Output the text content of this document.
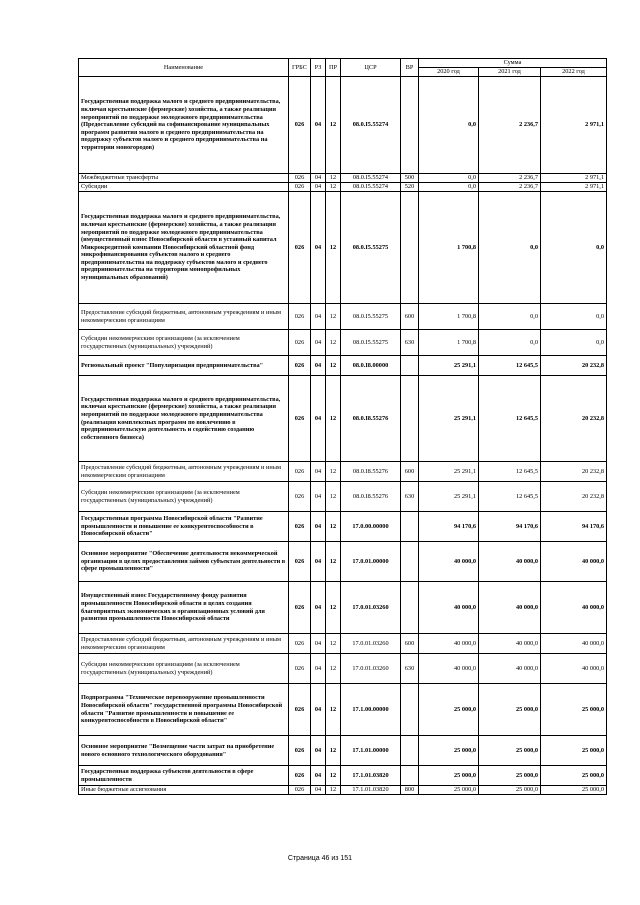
Наименование	ГРБС	РЗ	ПР	ЦСР	ВР	Сумма		
						2020 год	2021 год	2022 год
Государственная поддержка малого и среднего предпринимательства, включая крестьянские (фермерские) хозяйства, а также реализация мероприятий по поддержке молодежного предпринимательства (Предоставление субсидий на софинансирование муниципальных программ развития малого и среднего предпринимательства на поддержку субъектов малого и среднего предпринимательства на территории моногородов)	026	04	12	08.0.I5.55274		0,0	2 236,7	2 971,1
Межбюджетные трансферты	026	04	12	08.0.I5.55274	500	0,0	2 236,7	2 971,1
Субсидии	026	04	12	08.0.I5.55274	520	0,0	2 236,7	2 971,1
Государственная поддержка малого и среднего предпринимательства, включая крестьянские (фермерские) хозяйства, а также реализация мероприятий по поддержке молодежного предпринимательства (имущественный взнос Новосибирской области в уставный капитал Микрокредитной компании Новосибирский областной фонд микрофинансирования субъектов малого и среднего предпринимательства на поддержку субъектов малого и среднего предпринимательства на территории монопрофильных муниципальных образований)	026	04	12	08.0.I5.55275		1 700,8	0,0	0,0
Предоставление субсидий бюджетным, автономным учреждениям и иным некоммерческим организациям	026	04	12	08.0.I5.55275	600	1 700,8	0,0	0,0
Субсидии некоммерческим организациям (за исключением государственных (муниципальных) учреждений)	026	04	12	08.0.I5.55275	630	1 700,8	0,0	0,0
Региональный проект "Популяризация предпринимательства"	026	04	12	08.0.I8.00000		25 291,1	12 645,5	20 232,8
Государственная поддержка малого и среднего предпринимательства, включая крестьянские (фермерские) хозяйства, а также реализация мероприятий по поддержке молодежного предпринимательства (реализация комплексных программ по вовлечению в предпринимательскую деятельность и содействию созданию собственного бизнеса)	026	04	12	08.0.I8.55276		25 291,1	12 645,5	20 232,8
Предоставление субсидий бюджетным, автономным учреждениям и иным некоммерческим организациям	026	04	12	08.0.I8.55276	600	25 291,1	12 645,5	20 232,8
Субсидии некоммерческим организациям (за исключением государственных (муниципальных) учреждений)	026	04	12	08.0.I8.55276	630	25 291,1	12 645,5	20 232,8
Государственная программа Новосибирской области "Развитие промышленности и повышение ее конкурентоспособности в Новосибирской области"	026	04	12	17.0.00.00000		94 170,6	94 170,6	94 170,6
Основное мероприятие "Обеспечение деятельности некоммерческой организации в целях предоставления займов субъектам деятельности в сфере промышленности"	026	04	12	17.0.01.00000		40 000,0	40 000,0	40 000,0
Имущественный взнос Государственному фонду развития промышленности Новосибирской области в целях создания благоприятных экономических и организационных условий для развития промышленности Новосибирской области	026	04	12	17.0.01.03260		40 000,0	40 000,0	40 000,0
Предоставление субсидий бюджетным, автономным учреждениям и иным некоммерческим организациям	026	04	12	17.0.01.03260	600	40 000,0	40 000,0	40 000,0
Субсидии некоммерческим организациям (за исключением государственных (муниципальных) учреждений)	026	04	12	17.0.01.03260	630	40 000,0	40 000,0	40 000,0
Подпрограмма "Техническое перевооружение промышленности Новосибирской области" государственной программы Новосибирской области "Развитие промышленности и повышение ее конкурентоспособности в Новосибирской области"	026	04	12	17.1.00.00000		25 000,0	25 000,0	25 000,0
Основное мероприятие "Возмещение части затрат на приобретение нового основного технологического оборудования"	026	04	12	17.1.01.00000		25 000,0	25 000,0	25 000,0
Государственная поддержка субъектов деятельности в сфере промышленности	026	04	12	17.1.01.03820		25 000,0	25 000,0	25 000,0
Иные бюджетные ассигнования	026	04	12	17.1.01.03820	800	25 000,0	25 000,0	25 000,0
Страница 46 из 151
